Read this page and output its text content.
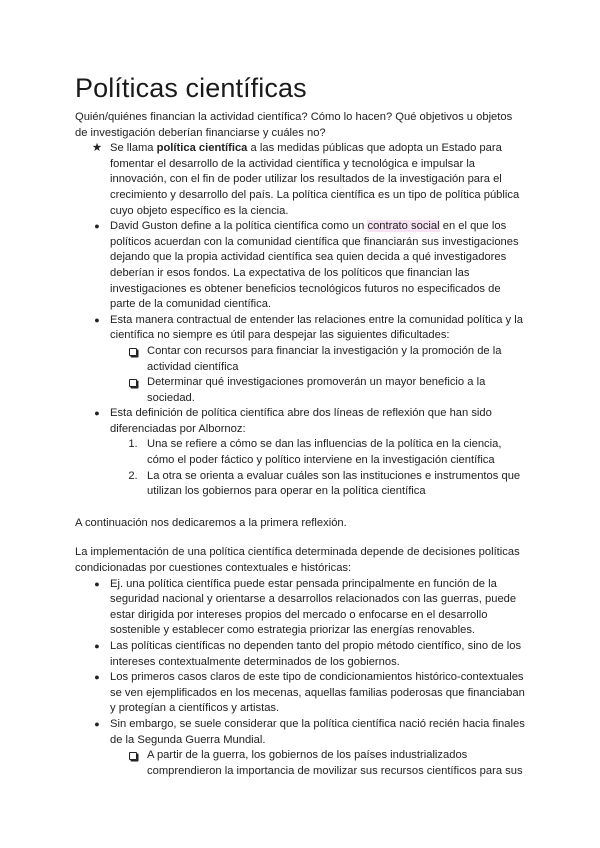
Políticas científicas

Quién/quiénes financian la actividad científica? Cómo lo hacen? Qué objetivos u objetos de investigación deberían financiarse y cuáles no?

★ Se llama política científica a las medidas públicas que adopta un Estado para fomentar el desarrollo de la actividad científica y tecnológica e impulsar la innovación, con el fin de poder utilizar los resultados de la investigación para el crecimiento y desarrollo del país. La política científica es un tipo de política pública cuyo objeto específico es la ciencia.
● David Guston define a la política científica como un contrato social en el que los políticos acuerdan con la comunidad científica que financiarán sus investigaciones dejando que la propia actividad científica sea quien decida a qué investigadores deberían ir esos fondos. La expectativa de los políticos que financian las investigaciones es obtener beneficios tecnológicos futuros no especificados de parte de la comunidad científica.
● Esta manera contractual de entender las relaciones entre la comunidad política y la científica no siempre es útil para despejar las siguientes dificultades:
Contar con recursos para financiar la investigación y la promoción de la actividad científica
Determinar qué investigaciones promoverán un mayor beneficio a la sociedad.
● Esta definición de política científica abre dos líneas de reflexión que han sido diferenciadas por Albornoz:
1. Una se refiere a cómo se dan las influencias de la política en la ciencia, cómo el poder fáctico y político interviene en la investigación científica
2. La otra se orienta a evaluar cuáles son las instituciones e instrumentos que utilizan los gobiernos para operar en la política científica

A continuación nos dedicaremos a la primera reflexión.

La implementación de una política científica determinada depende de decisiones políticas condicionadas por cuestiones contextuales e históricas:

● Ej. una política científica puede estar pensada principalmente en función de la seguridad nacional y orientarse a desarrollos relacionados con las guerras, puede estar dirigida por intereses propios del mercado o enfocarse en el desarrollo sostenible y establecer como estrategia priorizar las energías renovables.
● Las políticas científicas no dependen tanto del propio método científico, sino de los intereses contextualmente determinados de los gobiernos.
● Los primeros casos claros de este tipo de condicionamientos histórico-contextuales se ven ejemplificados en los mecenas, aquellas familias poderosas que financiaban y protegían a científicos y artistas.
● Sin embargo, se suele considerar que la política científica nació recién hacia finales de la Segunda Guerra Mundial.
A partir de la guerra, los gobiernos de los países industrializados comprendieron la importancia de movilizar sus recursos científicos para sus
